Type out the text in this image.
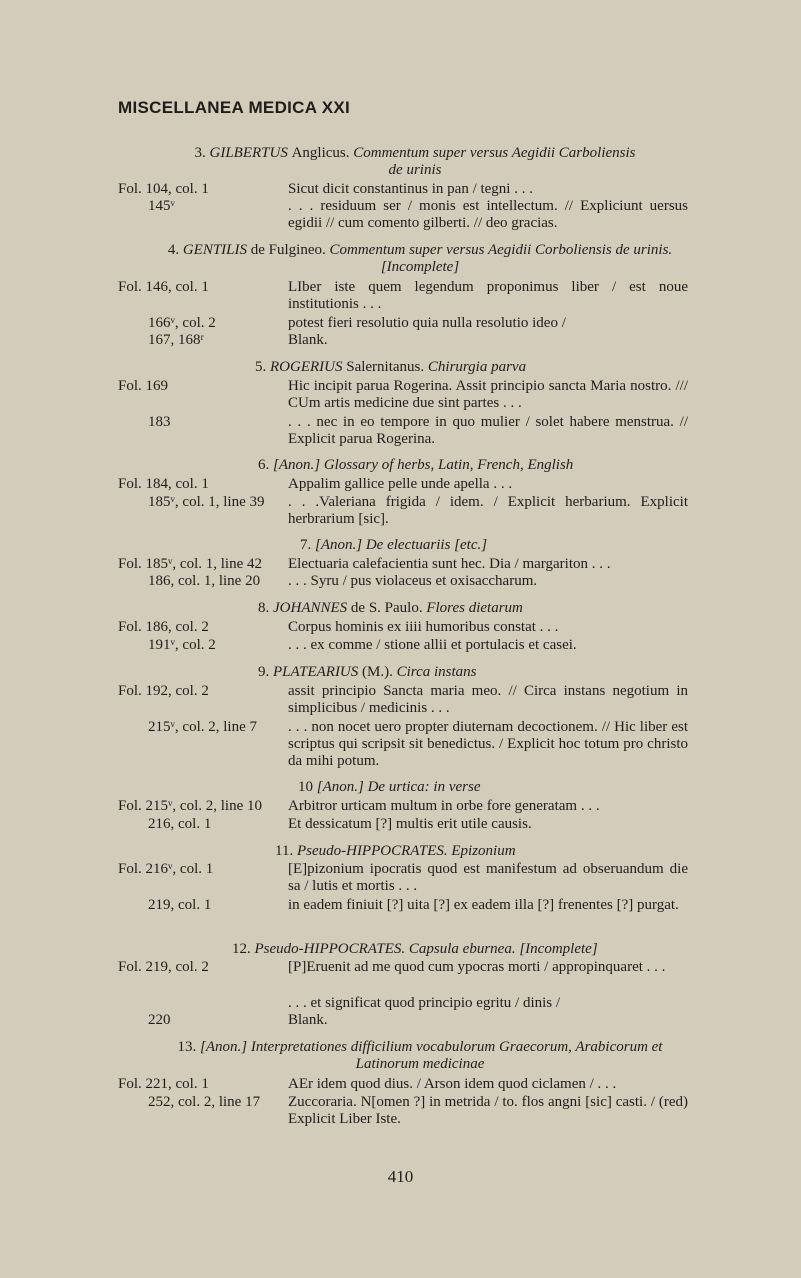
MISCELLANEA MEDICA XXI
3. GILBERTUS Anglicus. Commentum super versus Aegidii Carboliensis
de urinis
Fol. 104, col. 1
145ᵛ
Sicut dicit constantinus in pan / tegni . . .
. . . residuum ser / monis est intellectum. // Expliciunt uersus egidii // cum comento gilberti. // deo gracias.
4. GENTILIS de Fulgineo. Commentum super versus Aegidii Corboliensis de urinis.
[Incomplete]
Fol. 146, col. 1
166ᵛ, col. 2
167, 168ʳ
LIber iste quem legendum proponimus liber / est noue institutionis . . .
potest fieri resolutio quia nulla resolutio ideo /
Blank.
5. ROGERIUS Salernitanus. Chirurgia parva
Fol. 169
183
Hic incipit parua Rogerina. Assit principio sancta Maria nostro. /// CUm artis medicine due sint partes . . .
. . . nec in eo tempore in quo mulier / solet habere menstrua. // Explicit parua Rogerina.
6. [Anon.] Glossary of herbs, Latin, French, English
Fol. 184, col. 1
185ᵛ, col. 1, line 39
Appalim gallice pelle unde apella . . .
. . .Valeriana frigida / idem. / Explicit herbarium. Explicit herbrarium [sic].
7. [Anon.] De electuariis [etc.]
Fol. 185ᵛ, col. 1, line 42
186, col. 1, line 20
Electuaria calefacientia sunt hec. Dia / margariton . . .
. . . Syru / pus violaceus et oxisaccharum.
8. JOHANNES de S. Paulo. Flores dietarum
Fol. 186, col. 2
191ᵛ, col. 2
Corpus hominis ex iiii humoribus constat . . .
. . . ex comme / stione allii et portulacis et casei.
9. PLATEARIUS (M.). Circa instans
Fol. 192, col. 2
215ᵛ, col. 2, line 7
assit principio Sancta maria meo. // Circa instans negotium in simplicibus / medicinis . . .
. . . non nocet uero propter diuternam decoctionem. // Hic liber est scriptus qui scripsit sit benedictus. / Explicit hoc totum pro christo da mihi potum.
10 [Anon.] De urtica: in verse
Fol. 215ᵛ, col. 2, line 10
216, col. 1
Arbitror urticam multum in orbe fore generatam . . .
Et dessicatum [?] multis erit utile causis.
11. Pseudo-HIPPOCRATES. Epizonium
Fol. 216ᵛ, col. 1
219, col. 1
[E]pizonium ipocratis quod est manifestum ad obseruandum die sa / lutis et mortis . . .
in eadem finiuit [?] uita [?] ex eadem illa [?] frenentes [?] purgat.
12. Pseudo-HIPPOCRATES. Capsula eburnea. [Incomplete]
Fol. 219, col. 2
220
[P]Eruenit ad me quod cum ypocras morti / appropinquaret . . .
. . . et significat quod principio egritu / dinis /
Blank.
13. [Anon.] Interpretationes difficilium vocabulorum Graecorum, Arabicorum et
Latinorum medicinae
Fol. 221, col. 1
252, col. 2, line 17
AEr idem quod dius. / Arson idem quod ciclamen / . . .
Zuccoraria. N[omen ?] in metrida / to. flos angni [sic] casti. / (red) Explicit Liber Iste.
410
